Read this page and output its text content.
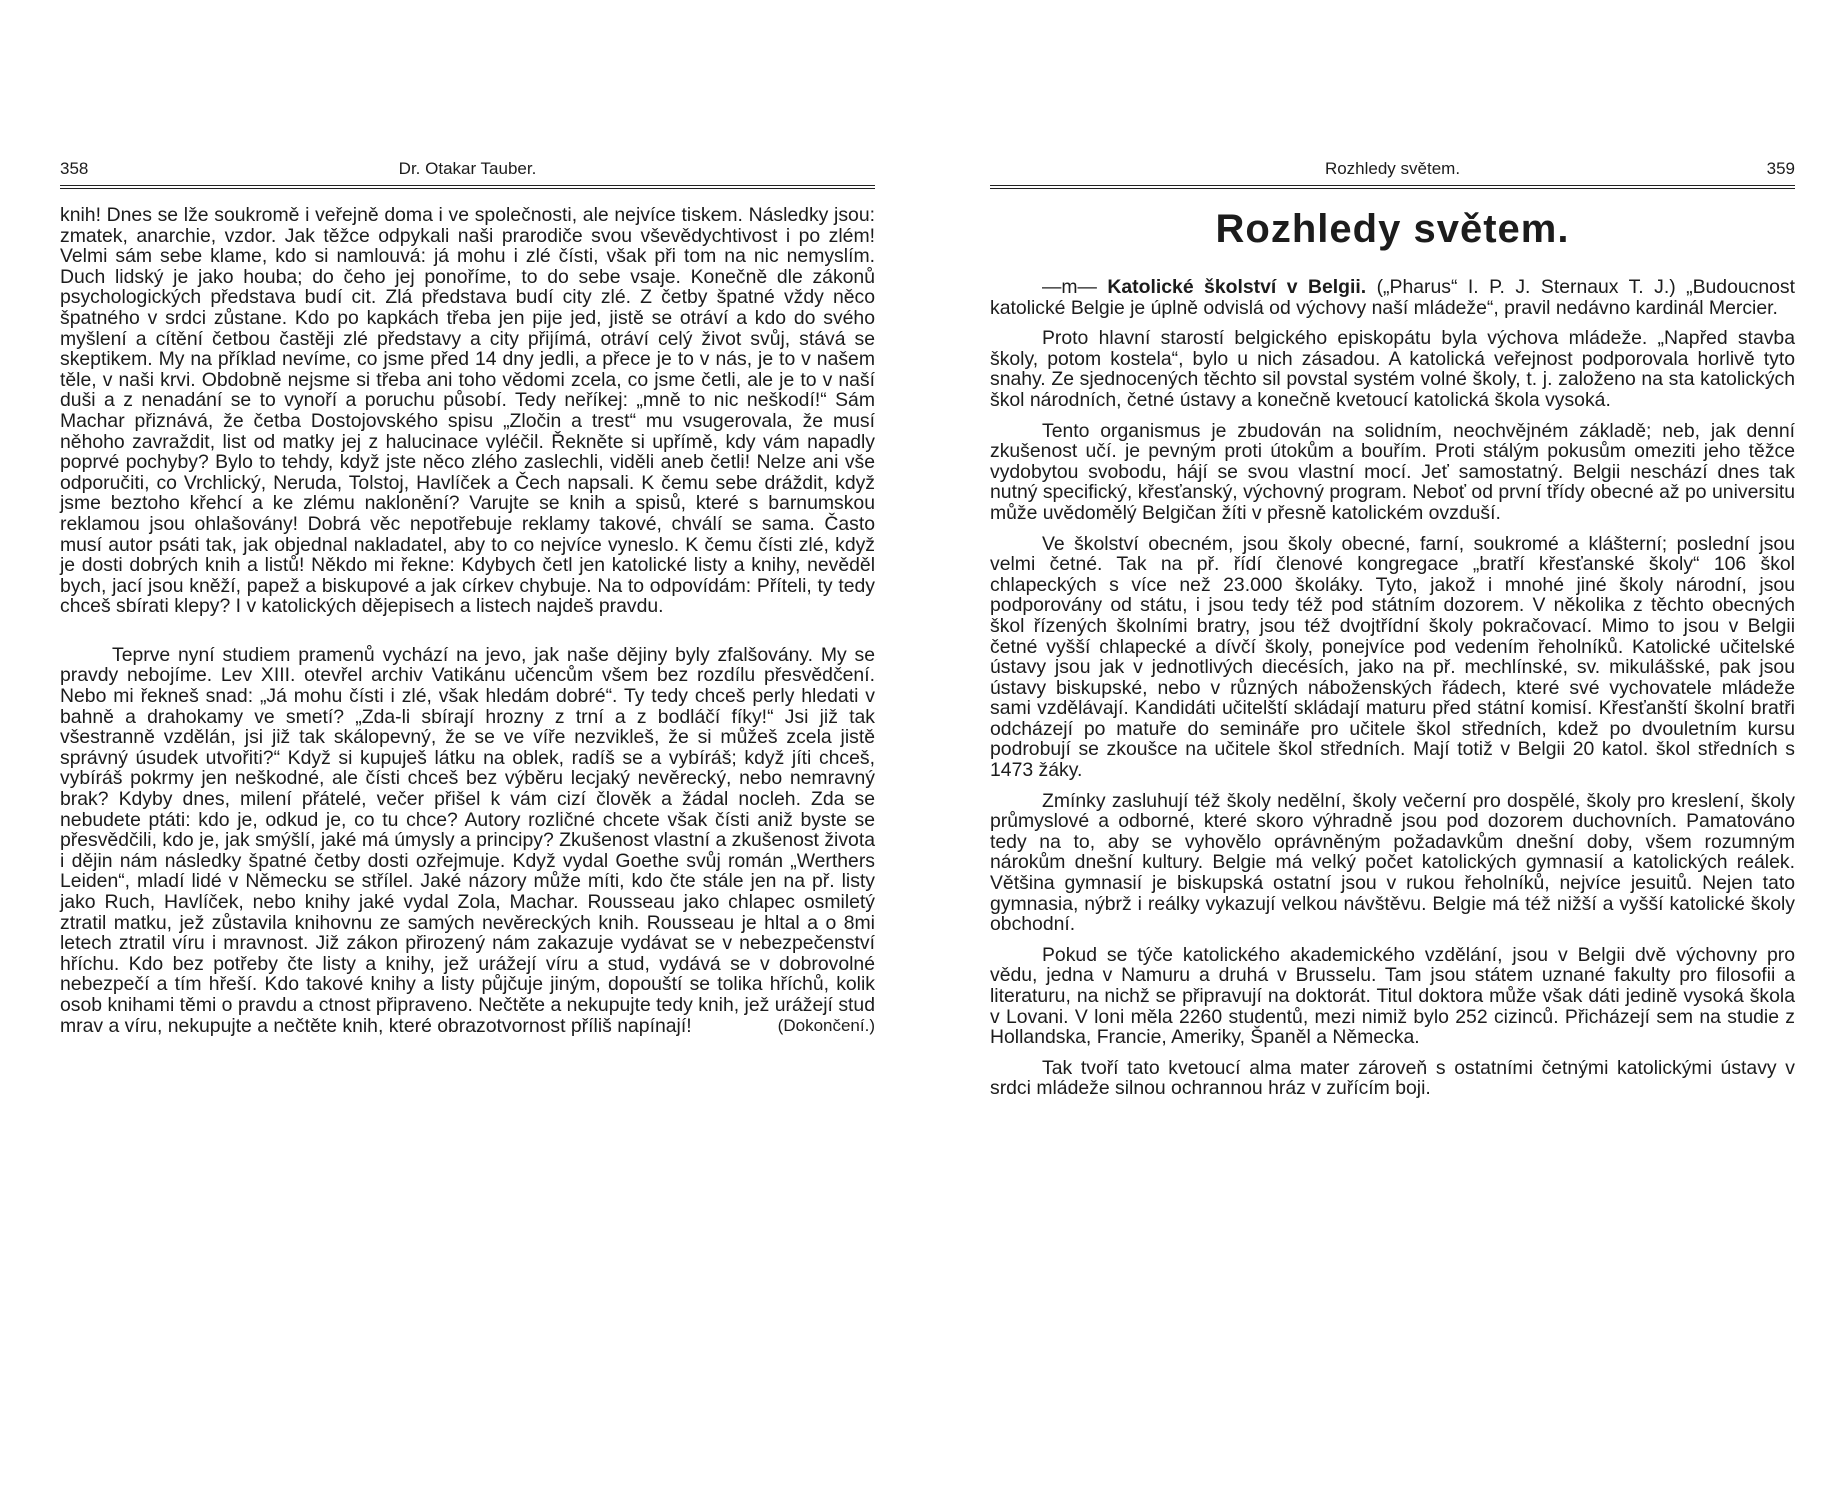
358	Dr. Otakar Tauber.

knih! Dnes se lže soukromě i veřejně doma i ve společnosti, ale nejvíce tiskem. Následky jsou: zmatek, anarchie, vzdor. Jak těžce odpykali naši prarodiče svou vševědychtivost i po zlém! Velmi sám sebe klame, kdo si namlouvá: já mohu i zlé čísti, však při tom na nic nemyslím. Duch lidský je jako houba; do čeho jej ponoříme, to do sebe vsaje. Konečně dle zákonů psychologických představa budí cit. Zlá představa budí city zlé. Z četby špatné vždy něco špatného v srdci zůstane. Kdo po kapkách třeba jen pije jed, jistě se otráví a kdo do svého myšlení a cítění četbou častěji zlé představy a city přijímá, otráví celý život svůj, stává se skeptikem. My na příklad nevíme, co jsme před 14 dny jedli, a přece je to v nás, je to v našem těle, v naši krvi. Obdobně nejsme si třeba ani toho vědomi zcela, co jsme četli, ale je to v naší duši a z nenadání se to vynoří a poruchu působí. Tedy neříkej: „mně to nic neškodí!“ Sám Machar přiznává, že četba Dostojovského spisu „Zločin a trest“ mu vsugerovala, že musí něhoho zavraždit, list od matky jej z halucinace vyléčil. Řekněte si upřímě, kdy vám napadly poprvé pochyby? Bylo to tehdy, když jste něco zlého zaslechli, viděli aneb četli! Nelze ani vše odporučiti, co Vrchlický, Neruda, Tolstoj, Havlíček a Čech napsali. K čemu sebe dráždit, když jsme beztoho křehcí a ke zlému naklonění? Varujte se knih a spisů, které s barnumskou reklamou jsou ohlašovány! Dobrá věc nepotřebuje reklamy takové, chválí se sama. Často musí autor psáti tak, jak objednal nakladatel, aby to co nejvíce vyneslo. K čemu čísti zlé, když je dosti dobrých knih a listů! Někdo mi řekne: Kdybych četl jen katolické listy a knihy, nevěděl bych, jací jsou kněží, papež a biskupové a jak církev chybuje. Na to odpovídám: Příteli, ty tedy chceš sbírati klepy? I v katolických dějepisech a listech najdeš pravdu.

Teprve nyní studiem pramenů vychází na jevo, jak naše dějiny byly zfalšovány. My se pravdy nebojíme. Lev XIII. otevřel archiv Vatikánu učencům všem bez rozdílu přesvědčení. Nebo mi řekneš snad: „Já mohu čísti i zlé, však hledám dobré“. Ty tedy chceš perly hledati v bahně a drahokamy ve smetí? „Zda-li sbírají hrozny z trní a z bodláčí fíky!“ Jsi již tak všestranně vzdělán, jsi již tak skálopevný, že se ve víře nezvikleš, že si můžeš zcela jistě správný úsudek utvořiti?“ Když si kupuješ látku na oblek, radíš se a vybíráš; když jíti chceš, vybíráš pokrmy jen neškodné, ale čísti chceš bez výběru lecjaký nevěrecký, nebo nemravný brak? Kdyby dnes, milení přátelé, večer přišel k vám cizí člověk a žádal nocleh. Zda se nebudete ptáti: kdo je, odkud je, co tu chce? Autory rozličné chcete však čísti aniž byste se přesvědčili, kdo je, jak smýšlí, jaké má úmysly a principy? Zkušenost vlastní a zkušenost života i dějin nám následky špatné četby dosti ozřejmuje. Když vydal Goethe svůj román „Werthers Leiden“, mladí lidé v Německu se střílel. Jaké názory může míti, kdo čte stále jen na př. listy jako Ruch, Havlíček, nebo knihy jaké vydal Zola, Machar. Rousseau jako chlapec osmiletý ztratil matku, jež zůstavila knihovnu ze samých nevěreckých knih. Rousseau je hltal a o 8mi letech ztratil víru i mravnost. Již zákon přirozený nám zakazuje vydávat se v nebezpečenství hříchu. Kdo bez potřeby čte listy a knihy, jež urážejí víru a stud, vydává se v dobrovolné nebezpečí a tím hřeší. Kdo takové knihy a listy půjčuje jiným, dopouští se tolika hříchů, kolik osob knihami těmi o pravdu a ctnost připraveno. Nečtěte a nekupujte tedy knih, jež urážejí stud mrav a víru, nekupujte a nečtěte knih, které obrazotvornost příliš napínají!	(Dokončení.)

Rozhledy světem.	359
Rozhledy světem.

—m— Katolické školství v Belgii. („Pharus“ I. P. J. Sternaux T. J.) „Budoucnost katolické Belgie je úplně odvislá od výchovy naší mládeže“, pravil nedávno kardinál Mercier.

Proto hlavní starostí belgického episkopátu byla výchova mládeže. „Napřed stavba školy, potom kostela“, bylo u nich zásadou. A katolická veřejnost podporovala horlivě tyto snahy. Ze sjednocených těchto sil povstal systém volné školy, t. j. založeno na sta katolických škol národních, četné ústavy a konečně kvetoucí katolická škola vysoká.

Tento organismus je zbudován na solidním, neochvějném základě; neb, jak denní zkušenost učí. je pevným proti útokům a bouřím. Proti stálým pokusům omeziti jeho těžce vydobytou svobodu, hájí se svou vlastní mocí. Jeť samostatný. Belgii neschází dnes tak nutný specifický, křesťanský, výchovný program. Neboť od první třídy obecné až po universitu může uvědomělý Belgičan žíti v přesně katolickém ovzduší.

Ve školství obecném, jsou školy obecné, farní, soukromé a klášterní; poslední jsou velmi četné. Tak na př. řídí členové kongregace „bratří křesťanské školy“ 106 škol chlapeckých s více než 23.000 školáky. Tyto, jakož i mnohé jiné školy národní, jsou podporovány od státu, i jsou tedy též pod státním dozorem. V několika z těchto obecných škol řízených školními bratry, jsou též dvojtřídní školy pokračovací. Mimo to jsou v Belgii četné vyšší chlapecké a dívčí školy, ponejvíce pod vedením řeholníků. Katolické učitelské ústavy jsou jak v jednotlivých diecésích, jako na př. mechlínské, sv. mikulášské, pak jsou ústavy biskupské, nebo v různých náboženských řádech, které své vychovatele mládeže sami vzdělávají. Kandidáti učitelští skládají maturu před státní komisí. Křesťanští školní bratři odcházejí po matuře do semináře pro učitele škol středních, kdež po dvouletním kursu podrobují se zkoušce na učitele škol středních. Mají totiž v Belgii 20 katol. škol středních s 1473 žáky.

Zmínky zasluhují též školy nedělní, školy večerní pro dospělé, školy pro kreslení, školy průmyslové a odborné, které skoro výhradně jsou pod dozorem duchovních. Pamatováno tedy na to, aby se vyhovělo oprávněným požadavkům dnešní doby, všem rozumným nárokům dnešní kultury. Belgie má velký počet katolických gymnasií a katolických reálek. Většina gymnasií je biskupská ostatní jsou v rukou řeholníků, nejvíce jesuitů. Nejen tato gymnasia, nýbrž i reálky vykazují velkou návštěvu. Belgie má též nižší a vyšší katolické školy obchodní.

Pokud se týče katolického akademického vzdělání, jsou v Belgii dvě výchovny pro vědu, jedna v Namuru a druhá v Brusselu. Tam jsou státem uznané fakulty pro filosofii a literaturu, na nichž se připravují na doktorát. Titul doktora může však dáti jedině vysoká škola v Lovani. V loni měla 2260 studentů, mezi nimiž bylo 252 cizinců. Přicházejí sem na studie z Hollandska, Francie, Ameriky, Španěl a Německa.

Tak tvoří tato kvetoucí alma mater zároveň s ostatními četnými katolickými ústavy v srdci mládeže silnou ochrannou hráz v zuřícím boji.
